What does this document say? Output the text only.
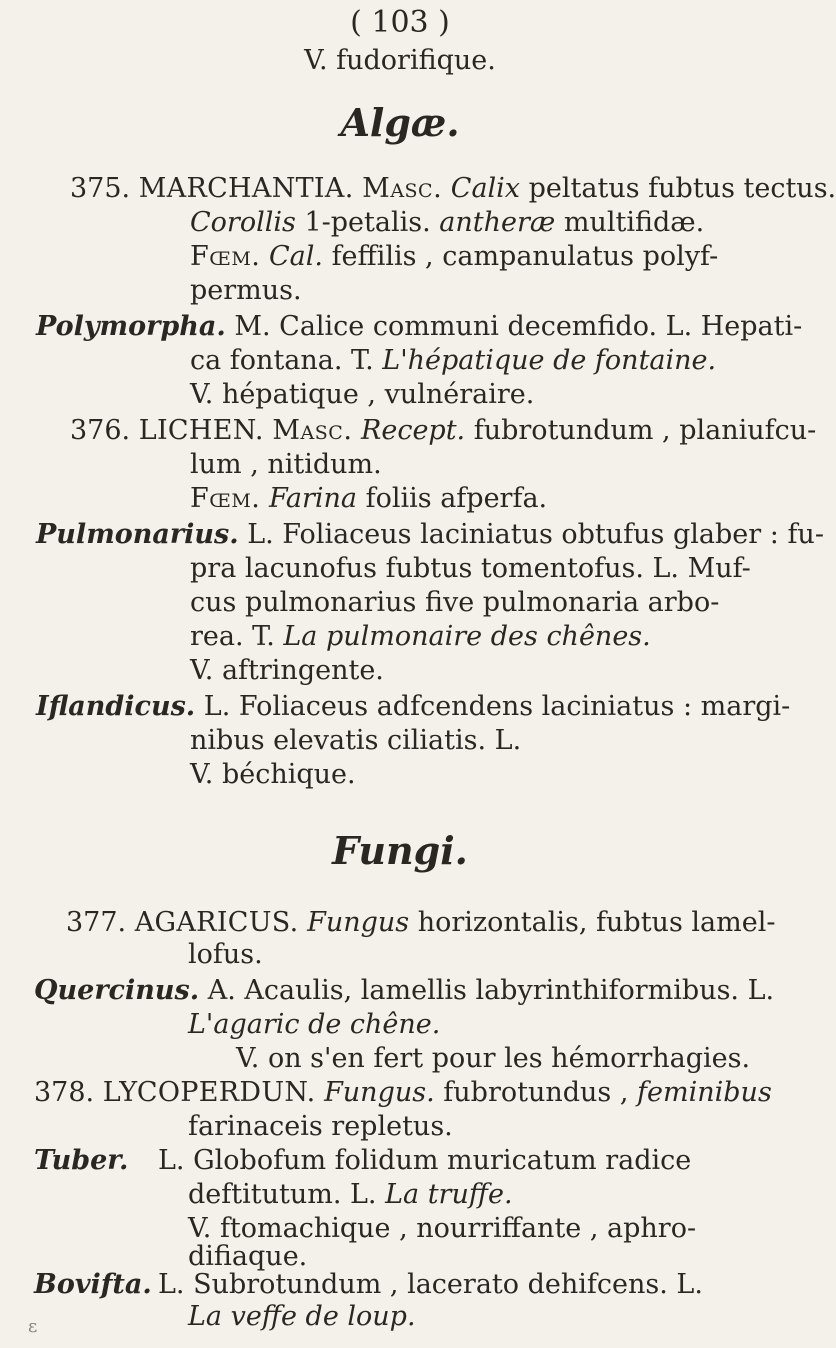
( 103 )
V. fudorifique.
Algæ.
375. MARCHANTIA. Masc. Calix peltatus fubtus tectus.
Corollis 1-petalis. antheræ multifidæ.
Fœm. Cal. feffilis , campanulatus polyf-
permus.
Polymorpha. M. Calice communi decemfido. L. Hepati-
ca fontana. T. L'hépatique de fontaine.
V. hépatique , vulnéraire.
376. LICHEN. Masc. Recept. fubrotundum , planiufcu-
lum , nitidum.
Fœm. Farina foliis afperfa.
Pulmonarius. L. Foliaceus laciniatus obtufus glaber : fu-
pra lacunofus fubtus tomentofus. L. Muf-
cus pulmonarius five pulmonaria arbo-
rea. T. La pulmonaire des chênes.
V. aftringente.
Iflandicus. L. Foliaceus adfcendens laciniatus : margi-
nibus elevatis ciliatis. L.
V. béchique.
Fungi.
377. AGARICUS. Fungus horizontalis, fubtus lamel-
lofus.
Quercinus. A. Acaulis, lamellis labyrinthiformibus. L.
L'agaric de chêne.
V. on s'en fert pour les hémorrhagies.
378. LYCOPERDUN. Fungus. fubrotundus , feminibus
farinaceis repletus.
Tuber. L. Globofum folidum muricatum radice
deftitutum. L. La truffe.
V. ftomachique , nourriffante , aphro-
difiaque.
Bovifta. L. Subrotundum , lacerato dehifcens. L.
La veffe de loup.
ε
